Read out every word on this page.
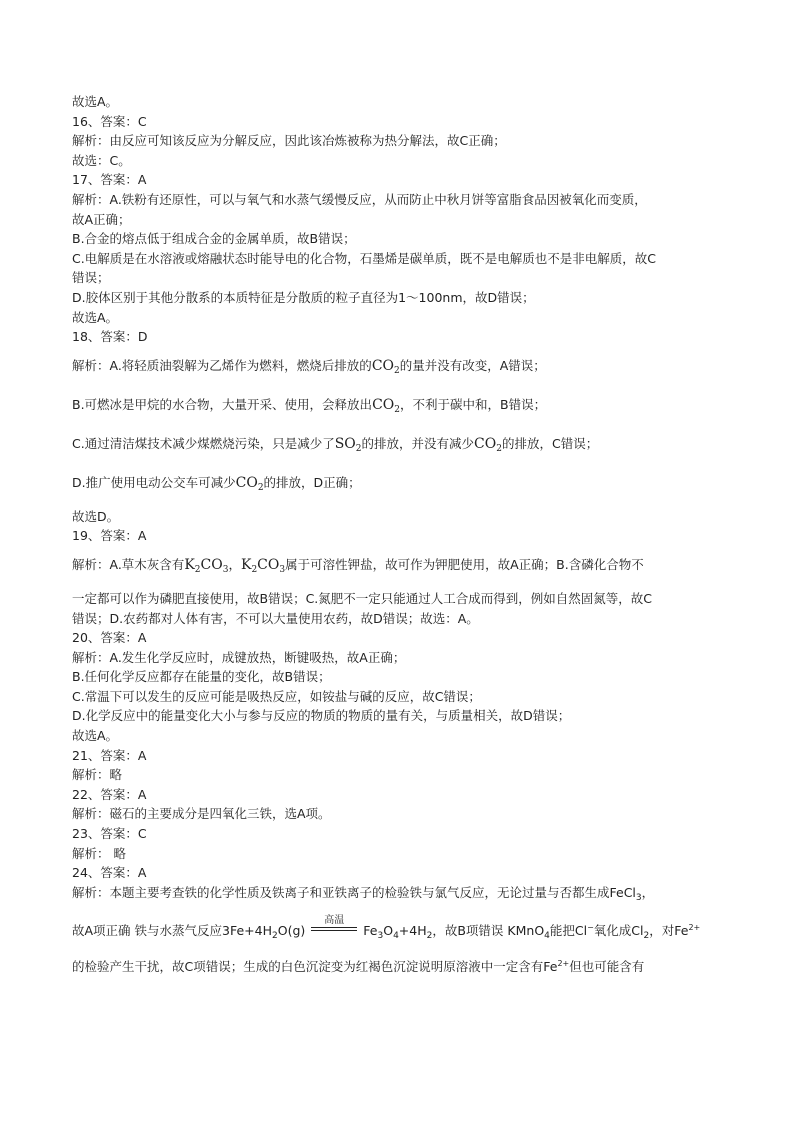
故选A。
16、答案：C
解析：由反应可知该反应为分解反应，因此该冶炼被称为热分解法，故C正确；
故选：C。
17、答案：A
解析：A.铁粉有还原性，可以与氧气和水蒸气缓慢反应，从而防止中秋月饼等富脂食品因被氧化而变质，
故A正确；
B.合金的熔点低于组成合金的金属单质，故B错误；
C.电解质是在水溶液或熔融状态时能导电的化合物，石墨烯是碳单质，既不是电解质也不是非电解质，故C
错误；
D.胶体区别于其他分散系的本质特征是分散质的粒子直径为1～100nm，故D错误；
故选A。
18、答案：D
解析：A.将轻质油裂解为乙烯作为燃料，燃烧后排放的$CO_2$的量并没有改变，A错误；
B.可燃冰是甲烷的水合物，大量开采、使用，会释放出$CO_2$，不利于碳中和，B错误；
C.通过清洁煤技术减少煤燃烧污染，只是减少了$SO_2$的排放，并没有减少$CO_2$的排放，C错误；
D.推广使用电动公交车可减少$CO_2$的排放，D正确；
故选D。
19、答案：A
解析：A.草木灰含有$K_2CO_3$，$K_2CO_3$属于可溶性钾盐，故可作为钾肥使用，故A正确；B.含磷化合物不
一定都可以作为磷肥直接使用，故B错误；C.氮肥不一定只能通过人工合成而得到，例如自然固氮等，故C
错误；D.农药都对人体有害，不可以大量使用农药，故D错误；故选：A。
20、答案：A
解析：A.发生化学反应时，成键放热，断键吸热，故A正确；
B.任何化学反应都存在能量的变化，故B错误；
C.常温下可以发生的反应可能是吸热反应，如铵盐与碱的反应，故C错误；
D.化学反应中的能量变化大小与参与反应的物质的物质的量有关，与质量相关，故D错误；
故选A。
21、答案：A
解析：略
22、答案：A
解析：磁石的主要成分是四氧化三铁，选A项。
23、答案：C
解析： 略
24、答案：A
解析：本题主要考查铁的化学性质及铁离子和亚铁离子的检验铁与氯气反应，无论过量与否都生成FeCl$_3$，
故A项正确 铁与水蒸气反应$3Fe+4H_2O(g)$
高温
$Fe_3O_4+4H_2$，故B项错误 KMnO$_4$能把Cl−氧化成$Cl_2$，对$Fe^{2+}$
的检验产生干扰，故C项错误；生成的白色沉淀变为红褐色沉淀说明原溶液中一定含有$Fe^{2+}$但也可能含有
